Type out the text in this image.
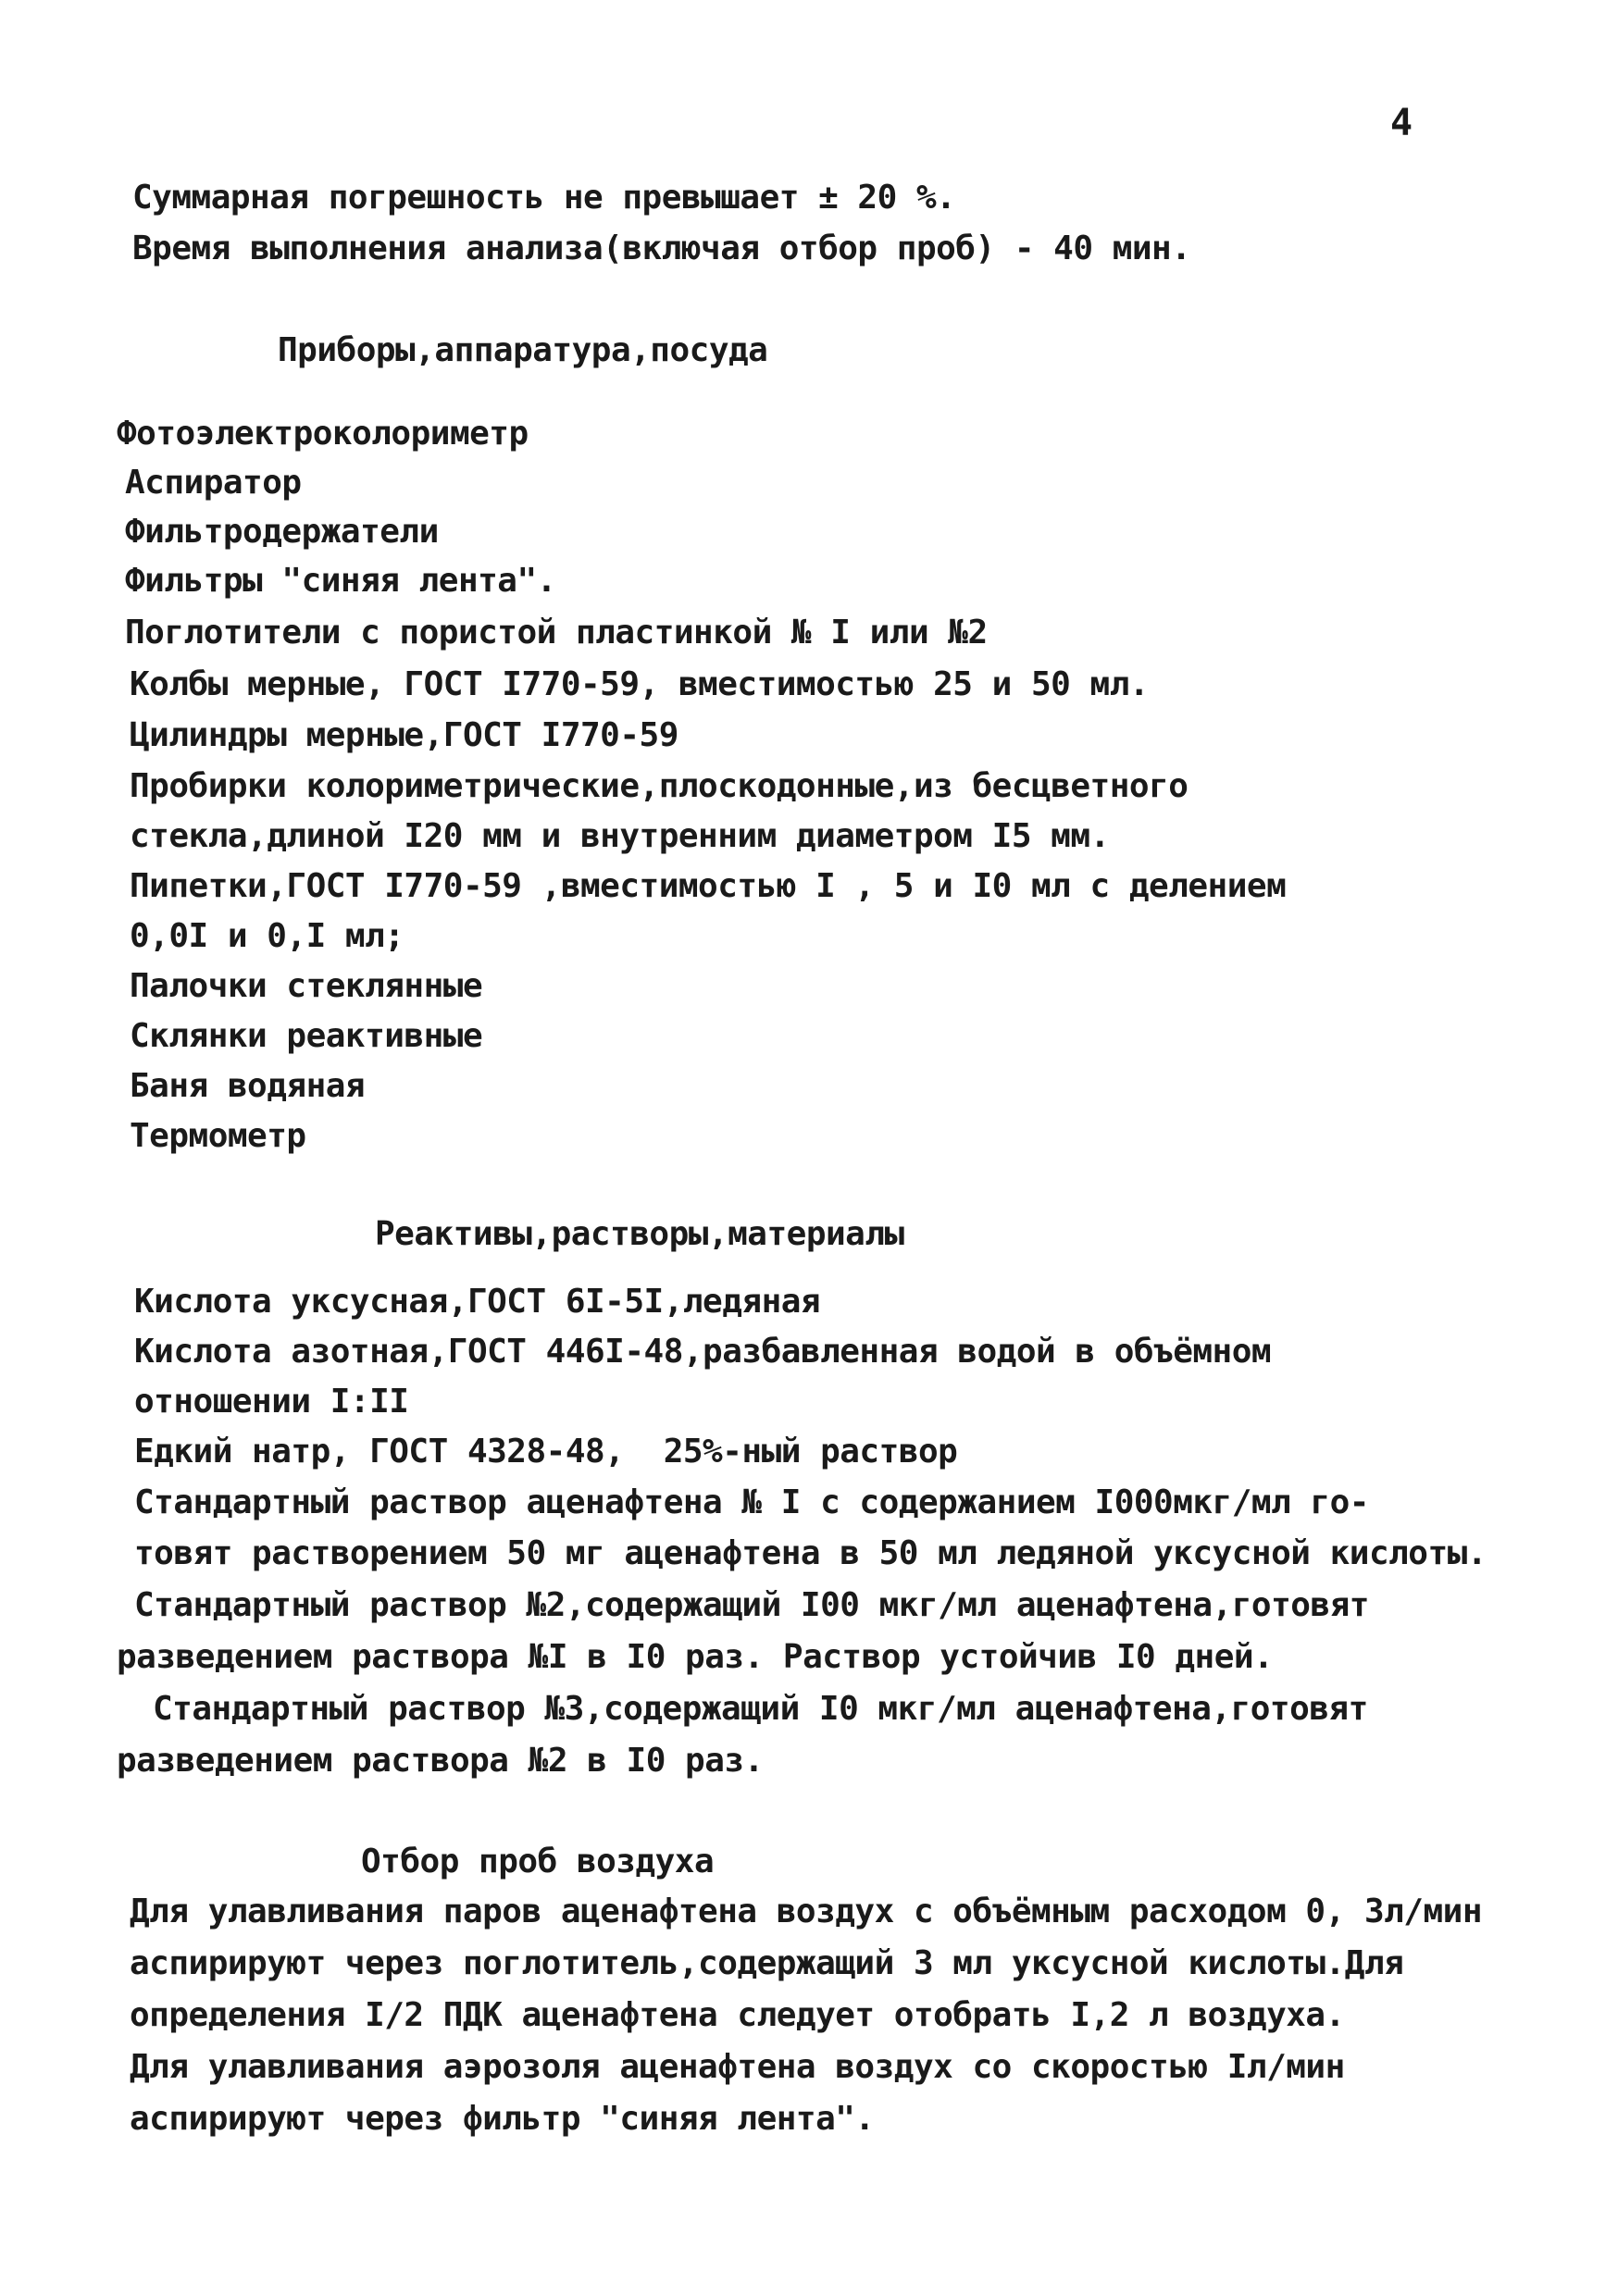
4
Суммарная погрешность не превышает ± 20 %.
Время выполнения анализа(включая отбор проб) - 40 мин.
Приборы,аппаратура,посуда
Фотоэлектроколориметр
Аспиратор
Фильтродержатели
Фильтры "синяя лента".
Поглотители с пористой пластинкой № I или №2
Колбы мерные, ГОСТ I770-59, вместимостью 25 и 50 мл.
Цилиндры мерные,ГОСТ I770-59
Пробирки колориметрические,плоскодонные,из бесцветного
стекла,длиной I20 мм и внутренним диаметром I5 мм.
Пипетки,ГОСТ I770-59 ,вместимостью I , 5 и I0 мл с делением
0,0I и 0,I мл;
Палочки стеклянные
Склянки реактивные
Баня водяная
Термометр
Реактивы,растворы,материалы
Кислота уксусная,ГОСТ 6I-5I,ледяная
Кислота азотная,ГОСТ 446I-48,разбавленная водой в объёмном
отношении I:II
Едкий натр, ГОСТ 4328-48,  25%-ный раствор
Стандартный раствор аценафтена № I с содержанием I000мкг/мл го-
товят растворением 50 мг аценафтена в 50 мл ледяной уксусной кислоты.
Стандартный раствор №2,содержащий I00 мкг/мл аценафтена,готовят
разведением раствора №I в I0 раз. Раствор устойчив I0 дней.
Стандартный раствор №3,содержащий I0 мкг/мл аценафтена,готовят
разведением раствора №2 в I0 раз.
Отбор проб воздуха
Для улавливания паров аценафтена воздух с объёмным расходом 0, 3л/мин
аспирируют через поглотитель,содержащий 3 мл уксусной кислоты.Для
определения I/2 ПДК аценафтена следует отобрать I,2 л воздуха.
Для улавливания аэрозоля аценафтена воздух со скоростью Iл/мин
аспирируют через фильтр "синяя лента".
